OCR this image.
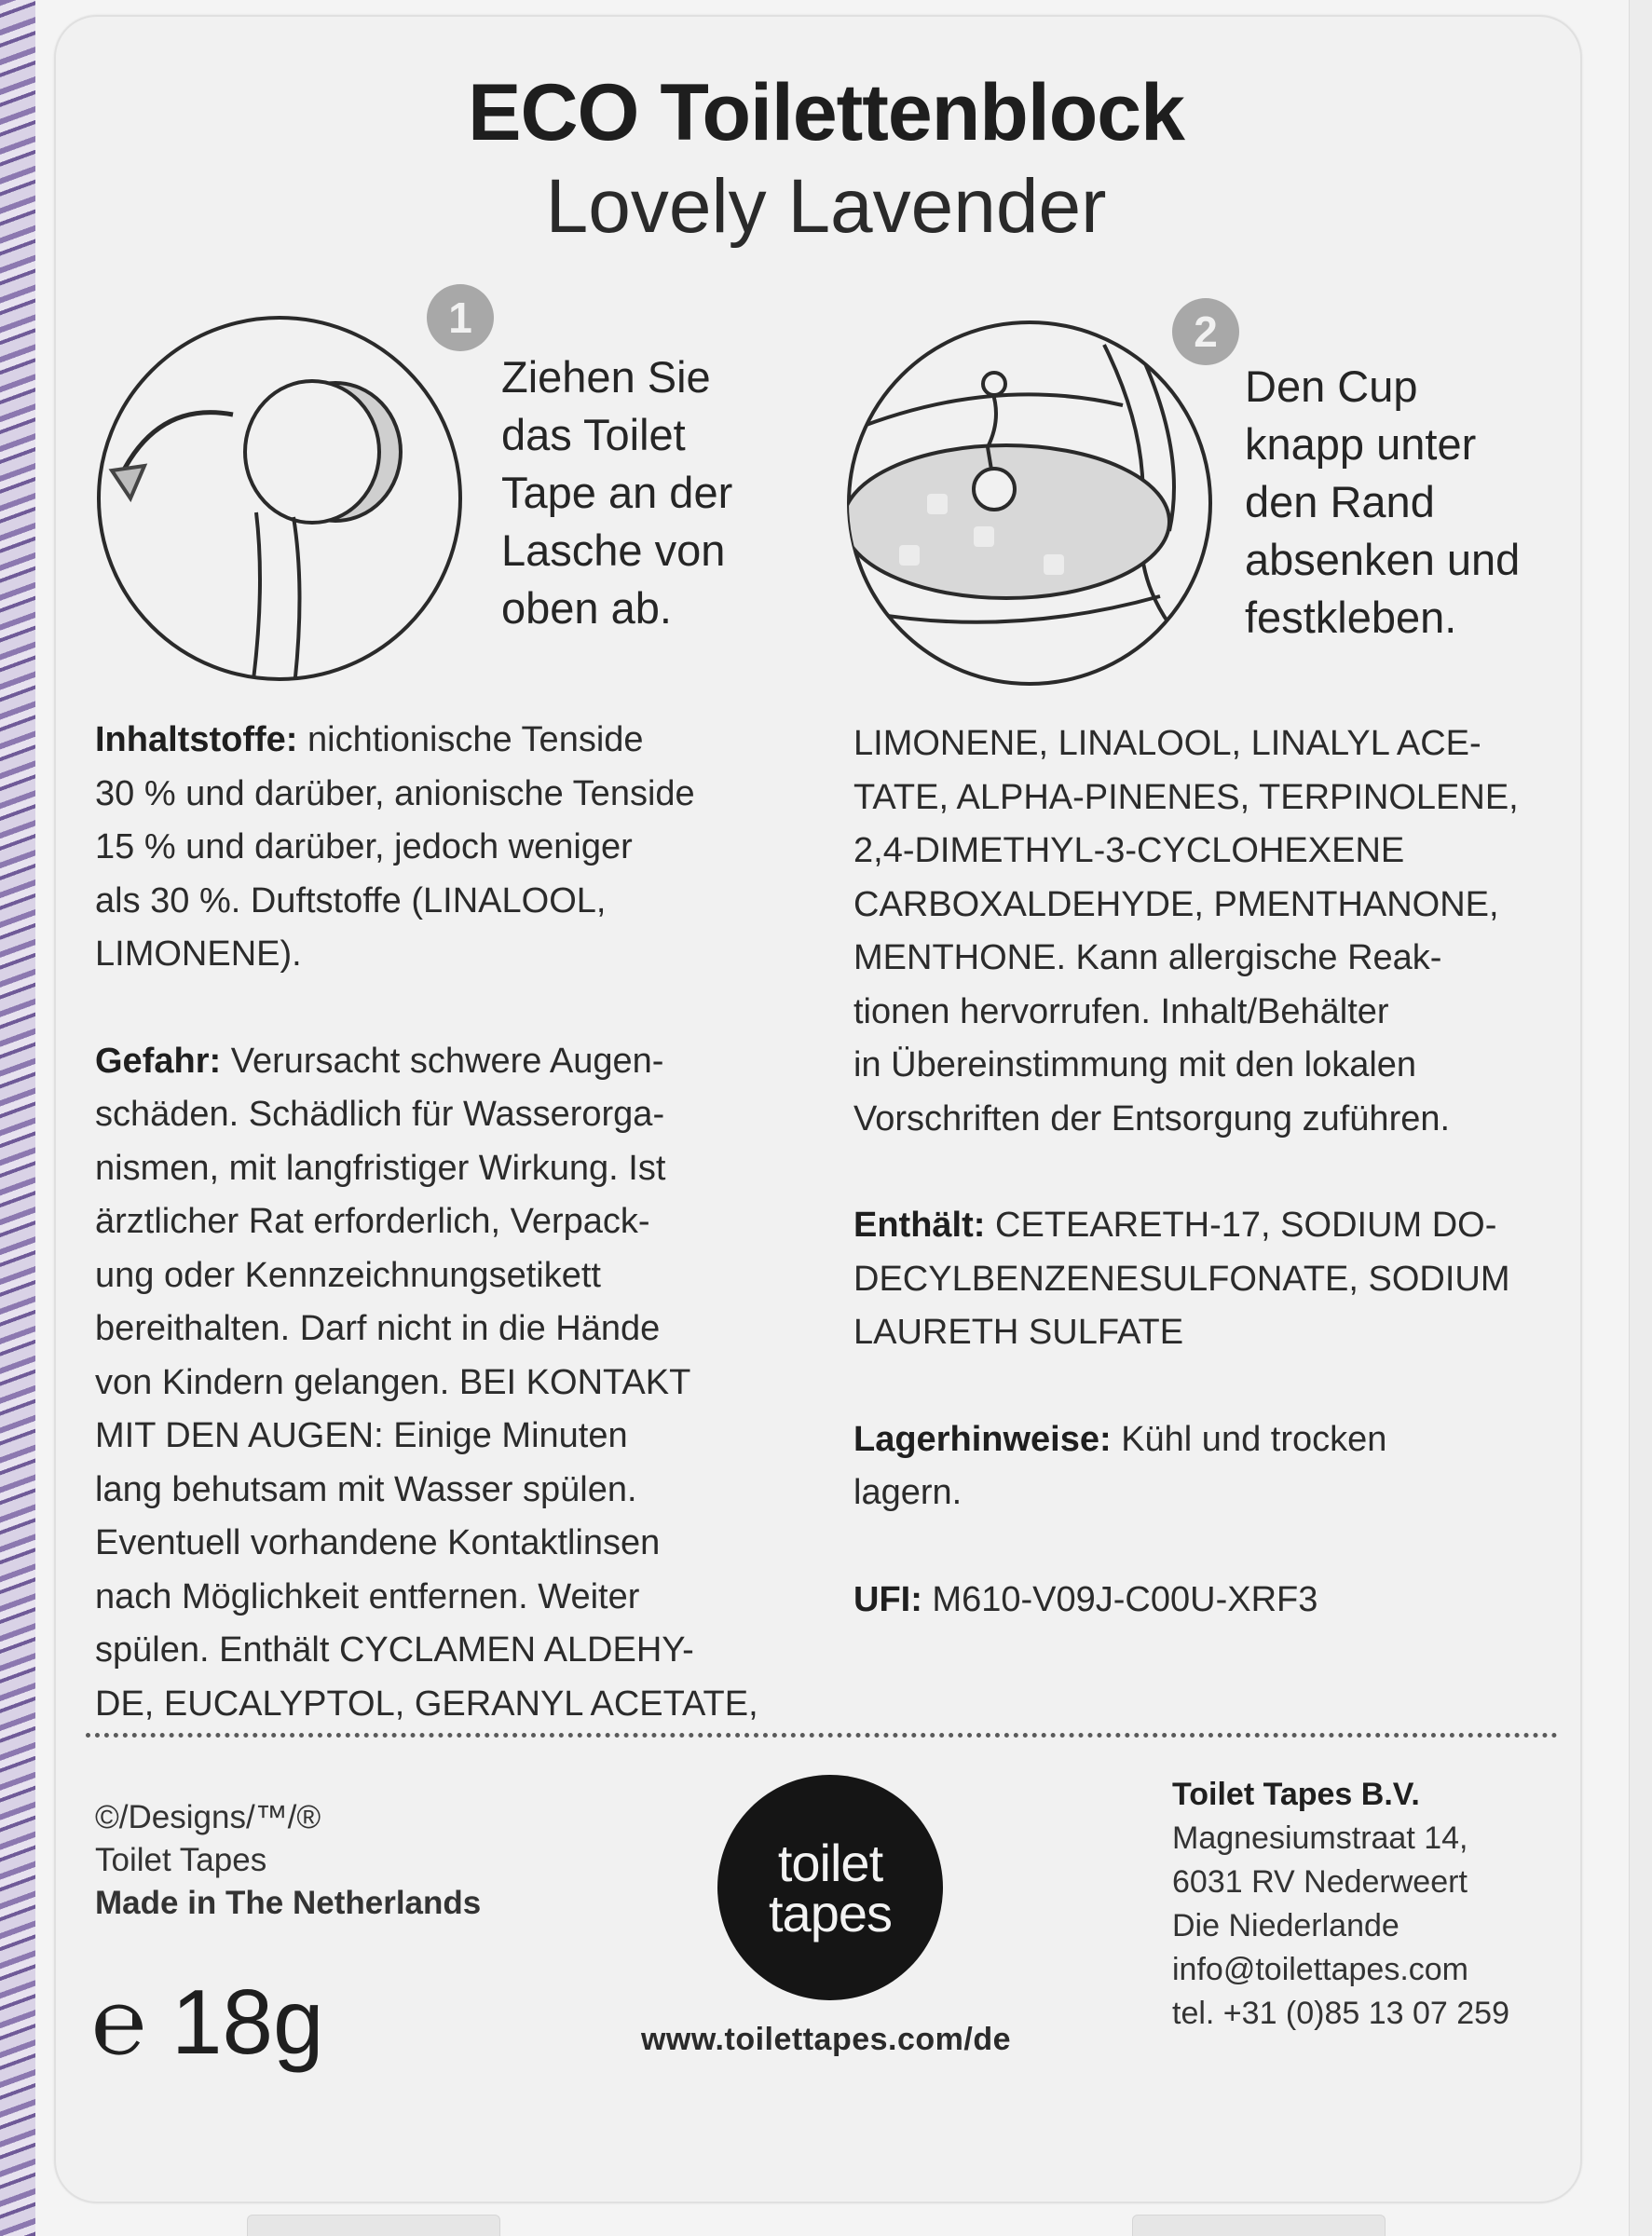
ECO Toilettenblock
Lovely Lavender
1
Ziehen Sie
das Toilet
Tape an der
Lasche von
oben ab.
2
Den Cup
knapp unter
den Rand
absenken und
festkleben.

Inhaltstoffe: nichtionische Tenside
30 % und darüber, anionische Tenside
15 % und darüber, jedoch weniger
als 30 %. Duftstoffe (LINALOOL,
LIMONENE).

Gefahr: Verursacht schwere Augen-
schäden. Schädlich für Wasserorga-
nismen, mit langfristiger Wirkung. Ist
ärztlicher Rat erforderlich, Verpack-
ung oder Kennzeichnungsetikett
bereithalten. Darf nicht in die Hände
von Kindern gelangen. BEI KONTAKT
MIT DEN AUGEN: Einige Minuten
lang behutsam mit Wasser spülen.
Eventuell vorhandene Kontaktlinsen
nach Möglichkeit entfernen. Weiter
spülen. Enthält CYCLAMEN ALDEHY-
DE, EUCALYPTOL, GERANYL ACETATE,

LIMONENE, LINALOOL, LINALYL ACE-
TATE, ALPHA-PINENES, TERPINOLENE,
2,4-DIMETHYL-3-CYCLOHEXENE
CARBOXALDEHYDE, PMENTHANONE,
MENTHONE. Kann allergische Reak-
tionen hervorrufen. Inhalt/Behälter
in Übereinstimmung mit den lokalen
Vorschriften der Entsorgung zuführen.

Enthält: CETEARETH-17, SODIUM DO-
DECYLBENZENESULFONATE, SODIUM
LAURETH SULFATE

Lagerhinweise: Kühl und trocken
lagern.

UFI: M610-V09J-C00U-XRF3

©/Designs/™/®
Toilet Tapes
Made in The Netherlands
℮ 18g
toilet
tapes
www.toilettapes.com/de
Toilet Tapes B.V.
Magnesiumstraat 14,
6031 RV Nederweert
Die Niederlande
info@toilettapes.com
tel. +31 (0)85 13 07 259
